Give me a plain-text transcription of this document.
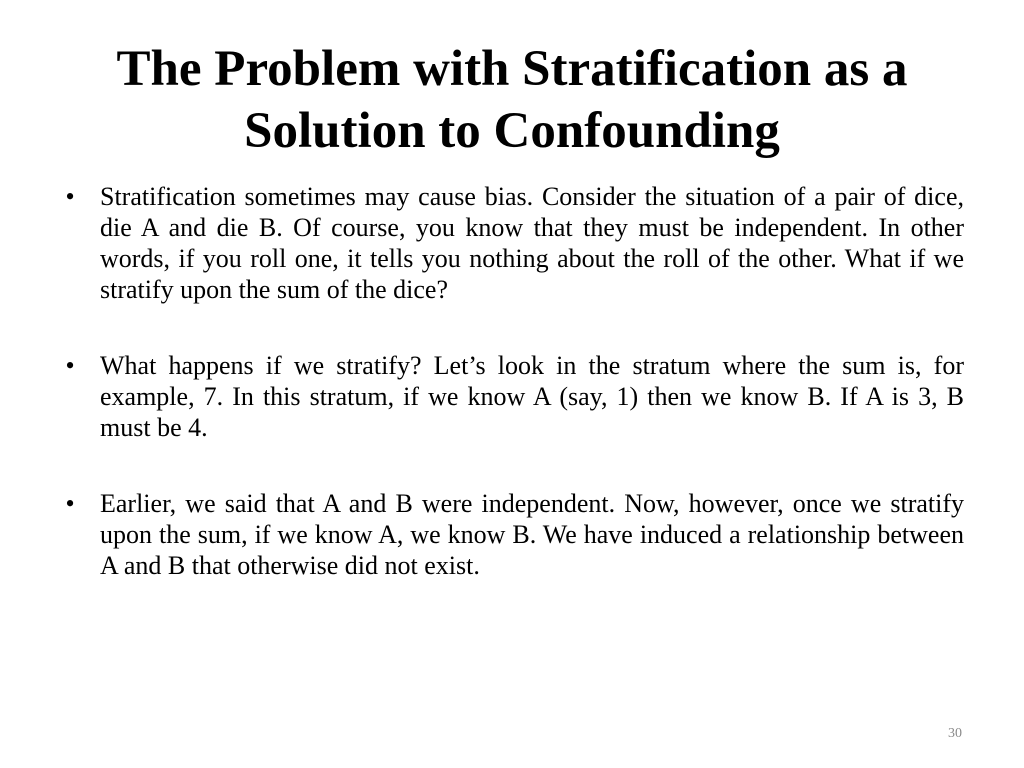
The Problem with Stratification as a Solution to Confounding
• Stratification sometimes may cause bias. Consider the situation of a pair of dice, die A and die B. Of course, you know that they must be independent. In other words, if you roll one, it tells you nothing about the roll of the other. What if we stratify upon the sum of the dice?
• What happens if we stratify? Let’s look in the stratum where the sum is, for example, 7. In this stratum, if we know A (say, 1) then we know B. If A is 3, B must be 4.
• Earlier, we said that A and B were independent. Now, however, once we stratify upon the sum, if we know A, we know B. We have induced a relationship between A and B that otherwise did not exist.
30
